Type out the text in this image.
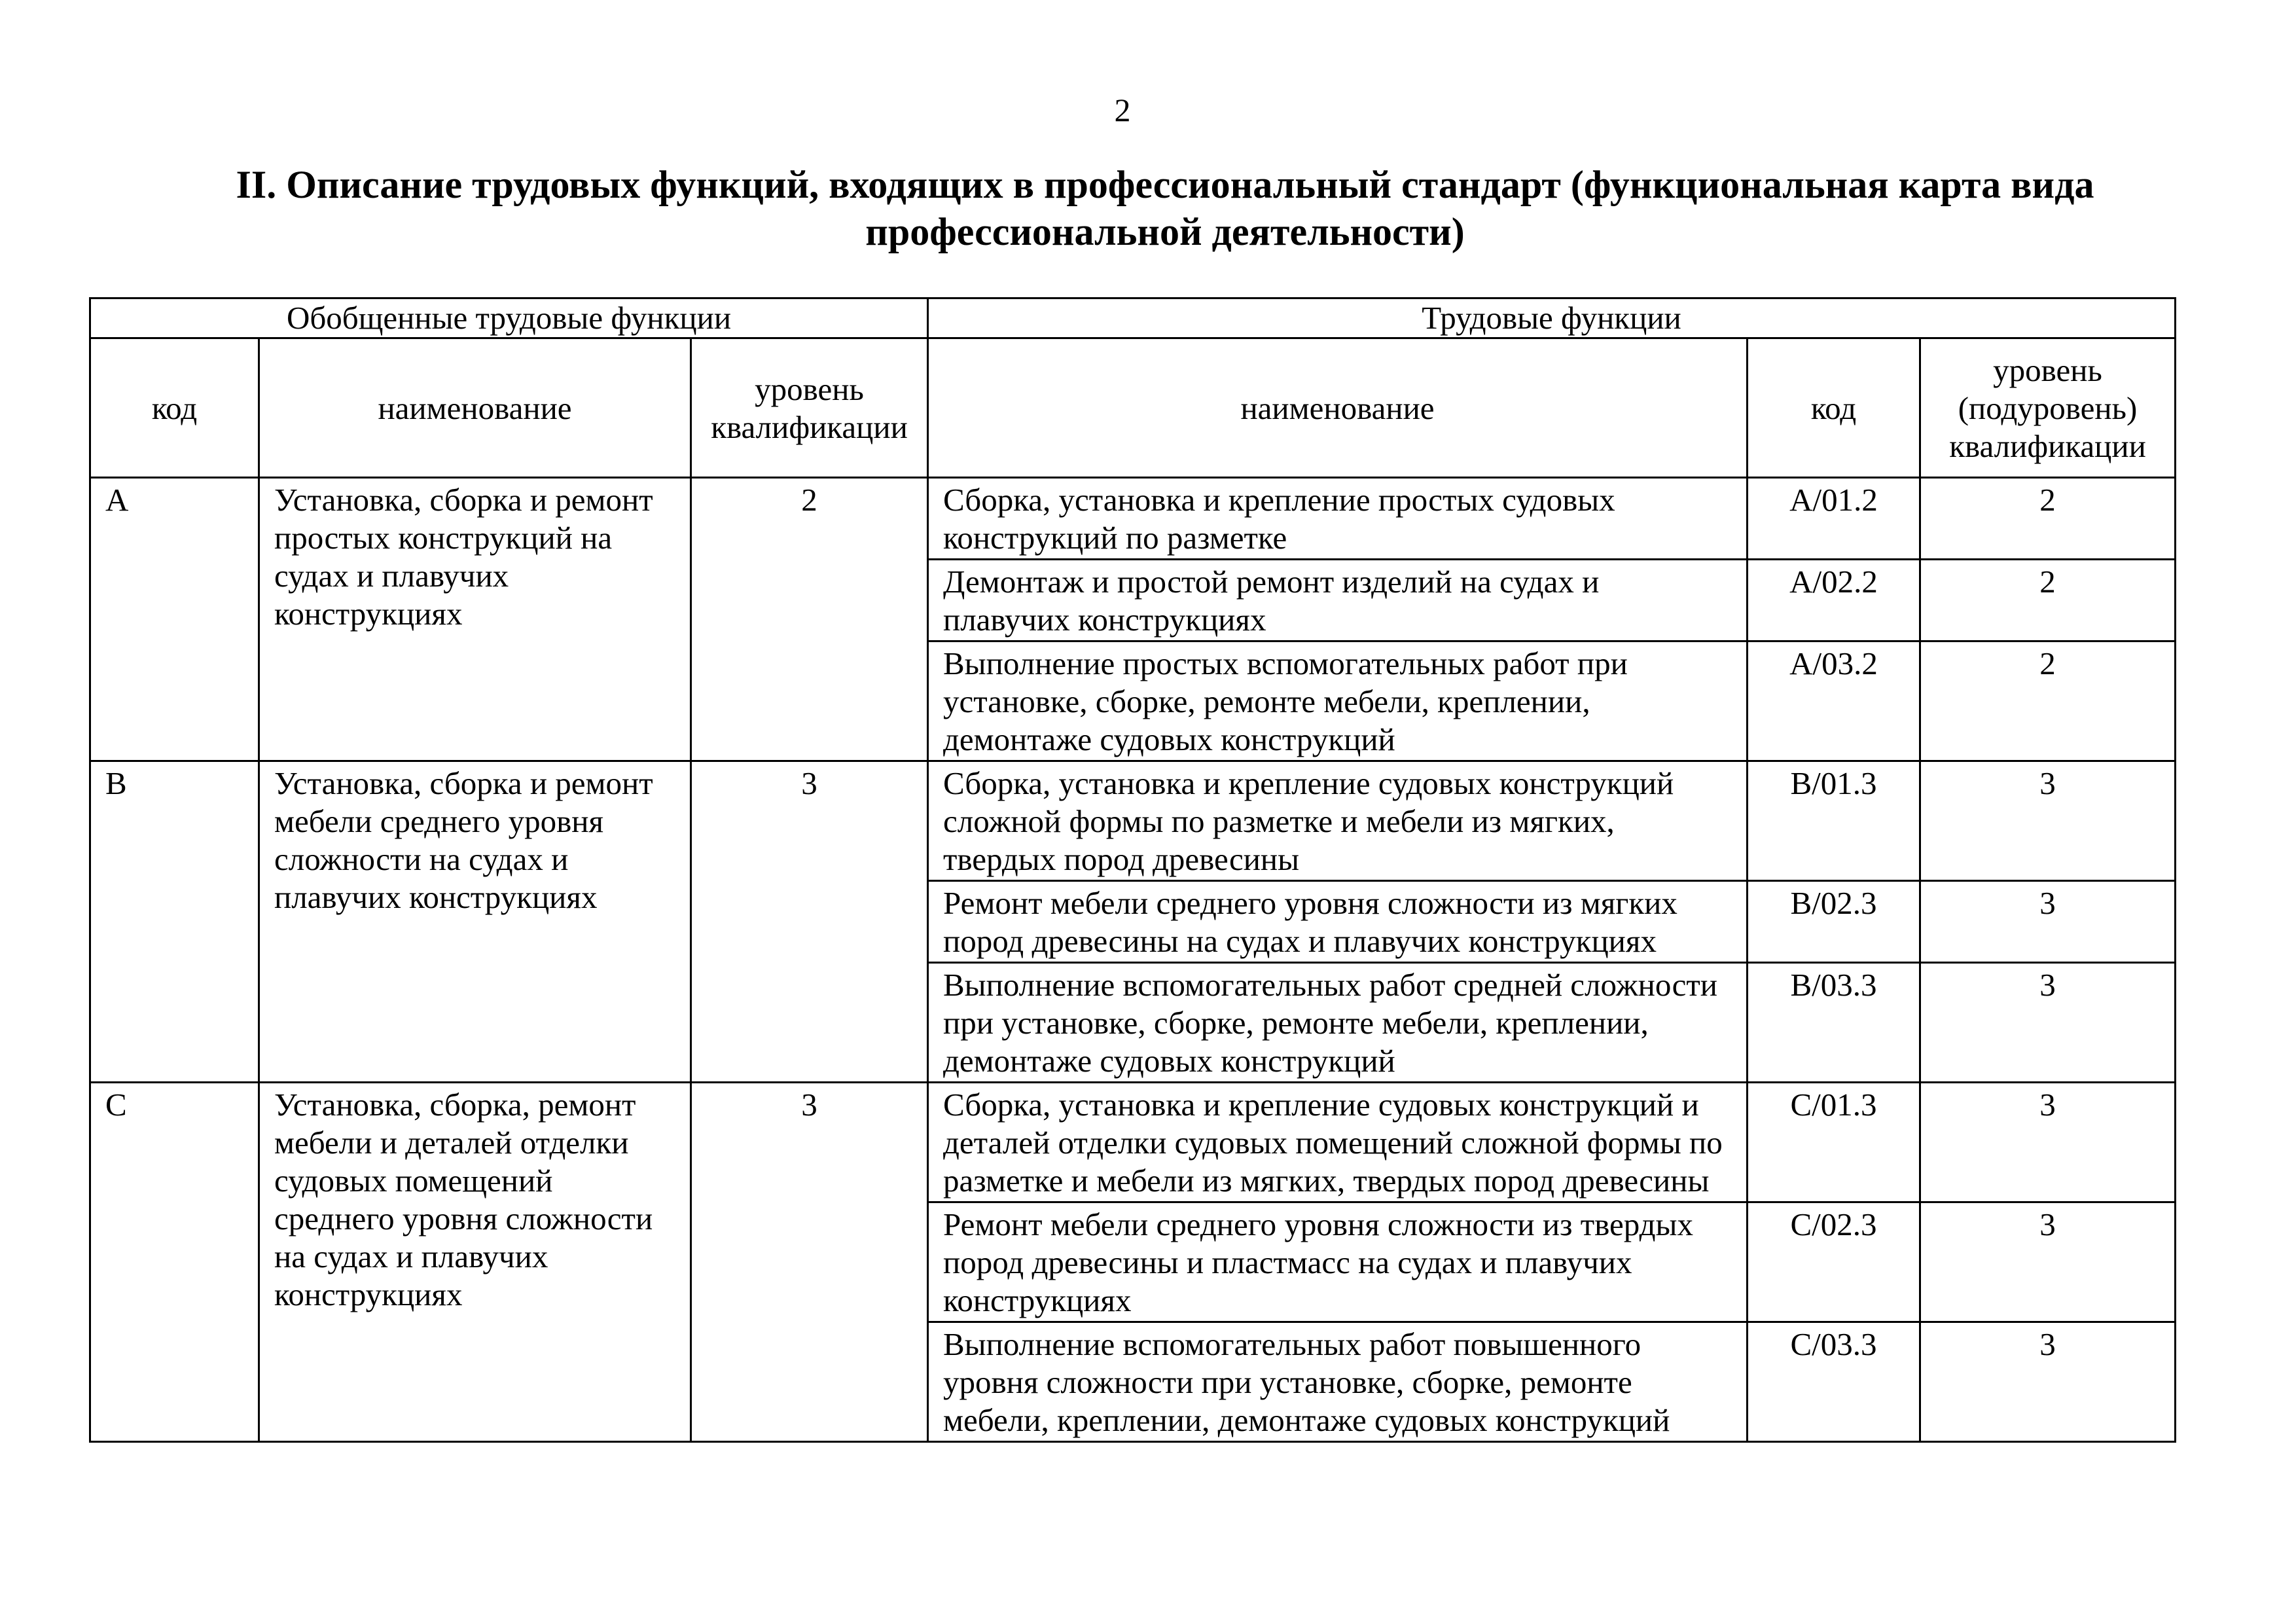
2
II. Описание трудовых функций, входящих в профессиональный стандарт (функциональная карта вида профессиональной деятельности)
Обобщенные трудовые функции			Трудовые функции		
код	наименование	уровень квалификации	наименование	код	уровень (подуровень) квалификации
A	Установка, сборка и ремонт простых конструкций на судах и плавучих конструкциях	2	Сборка, установка и крепление простых судовых конструкций по разметке	A/01.2	2
			Демонтаж и простой ремонт изделий на судах и плавучих конструкциях	A/02.2	2
			Выполнение простых вспомогательных работ при установке, сборке, ремонте мебели, креплении, демонтаже судовых конструкций	A/03.2	2
B	Установка, сборка и ремонт мебели среднего уровня сложности на судах и плавучих конструкциях	3	Сборка, установка и крепление судовых конструкций сложной формы по разметке и мебели из мягких, твердых пород древесины	B/01.3	3
			Ремонт мебели среднего уровня сложности из мягких пород древесины на судах и плавучих конструкциях	B/02.3	3
			Выполнение вспомогательных работ средней сложности при установке, сборке, ремонте мебели, креплении, демонтаже судовых конструкций	B/03.3	3
C	Установка, сборка, ремонт мебели и деталей отделки судовых помещений среднего уровня сложности на судах и плавучих конструкциях	3	Сборка, установка и крепление судовых конструкций и деталей отделки судовых помещений сложной формы по разметке и мебели из мягких, твердых пород древесины	C/01.3	3
			Ремонт мебели среднего уровня сложности из твердых пород древесины и пластмасс на судах и плавучих конструкциях	C/02.3	3
			Выполнение вспомогательных работ повышенного уровня сложности при установке, сборке, ремонте мебели, креплении, демонтаже судовых конструкций	C/03.3	3
